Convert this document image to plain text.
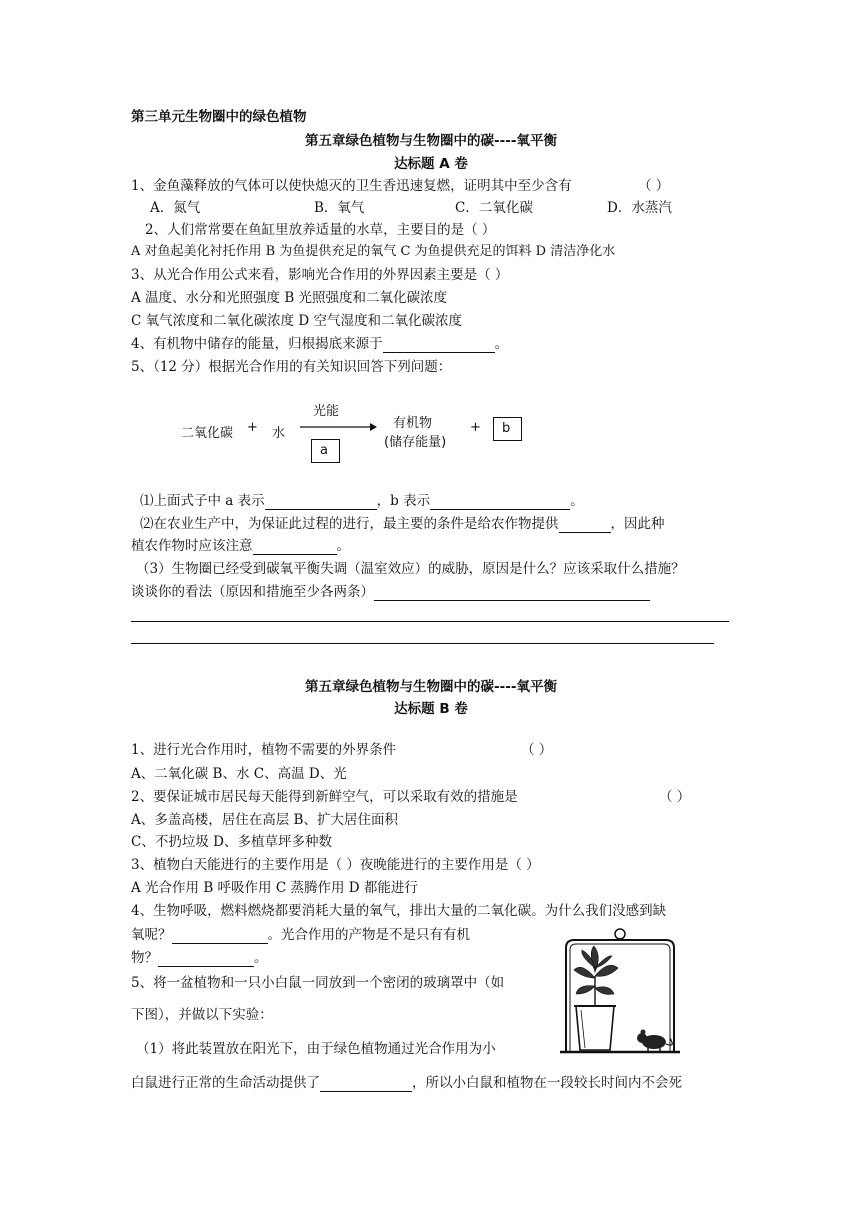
第三单元生物圈中的绿色植物
第五章绿色植物与生物圈中的碳----氧平衡
达标题 A 卷
1、金鱼藻释放的气体可以使快熄灭的卫生香迅速复燃，证明其中至少含有	（ ）
A．氮气	B．氧气	C．二氧化碳	D．水蒸汽
2、人们常常要在鱼缸里放养适量的水草，主要目的是（ ）
A 对鱼起美化衬托作用 B 为鱼提供充足的氧气 C 为鱼提供充足的饵料 D 清洁净化水
3、从光合作用公式来看，影响光合作用的外界因素主要是（ ）
A 温度、水分和光照强度 B 光照强度和二氧化碳浓度
C 氧气浓度和二氧化碳浓度 D 空气湿度和二氧化碳浓度
4、有机物中储存的能量，归根揭底来源于	。
5、（12 分）根据光合作用的有关知识回答下列问题：
二氧化碳 + 水
光能
a
有机物
(储存能量)
+ b
⑴上面式子中 a 表示	，b 表示	。
⑵在农业生产中，为保证此过程的进行，最主要的条件是给农作物提供	，因此种
植农作物时应该注意	。
（3）生物圈已经受到碳氧平衡失调（温室效应）的威胁，原因是什么？应该采取什么措施？
谈谈你的看法（原因和措施至少各两条）
第五章绿色植物与生物圈中的碳----氧平衡
达标题 B 卷
1、进行光合作用时，植物不需要的外界条件	（ ）
A、二氧化碳 B、水 C、高温 D、光
2、要保证城市居民每天能得到新鲜空气，可以采取有效的措施是	（ ）
A、多盖高楼，居住在高层 B、扩大居住面积
C、不扔垃圾 D、多植草坪多种数
3、植物白天能进行的主要作用是（ ）夜晚能进行的主要作用是（ ）
A 光合作用 B 呼吸作用 C 蒸腾作用 D 都能进行
4、生物呼吸，燃料燃烧都要消耗大量的氧气，排出大量的二氧化碳。为什么我们没感到缺
氧呢？	。光合作用的产物是不是只有有机
物？	。
5、将一盆植物和一只小白鼠一同放到一个密闭的玻璃罩中（如
下图），并做以下实验：
（1）将此装置放在阳光下，由于绿色植物通过光合作用为小
白鼠进行正常的生命活动提供了	，所以小白鼠和植物在一段较长时间内不会死
